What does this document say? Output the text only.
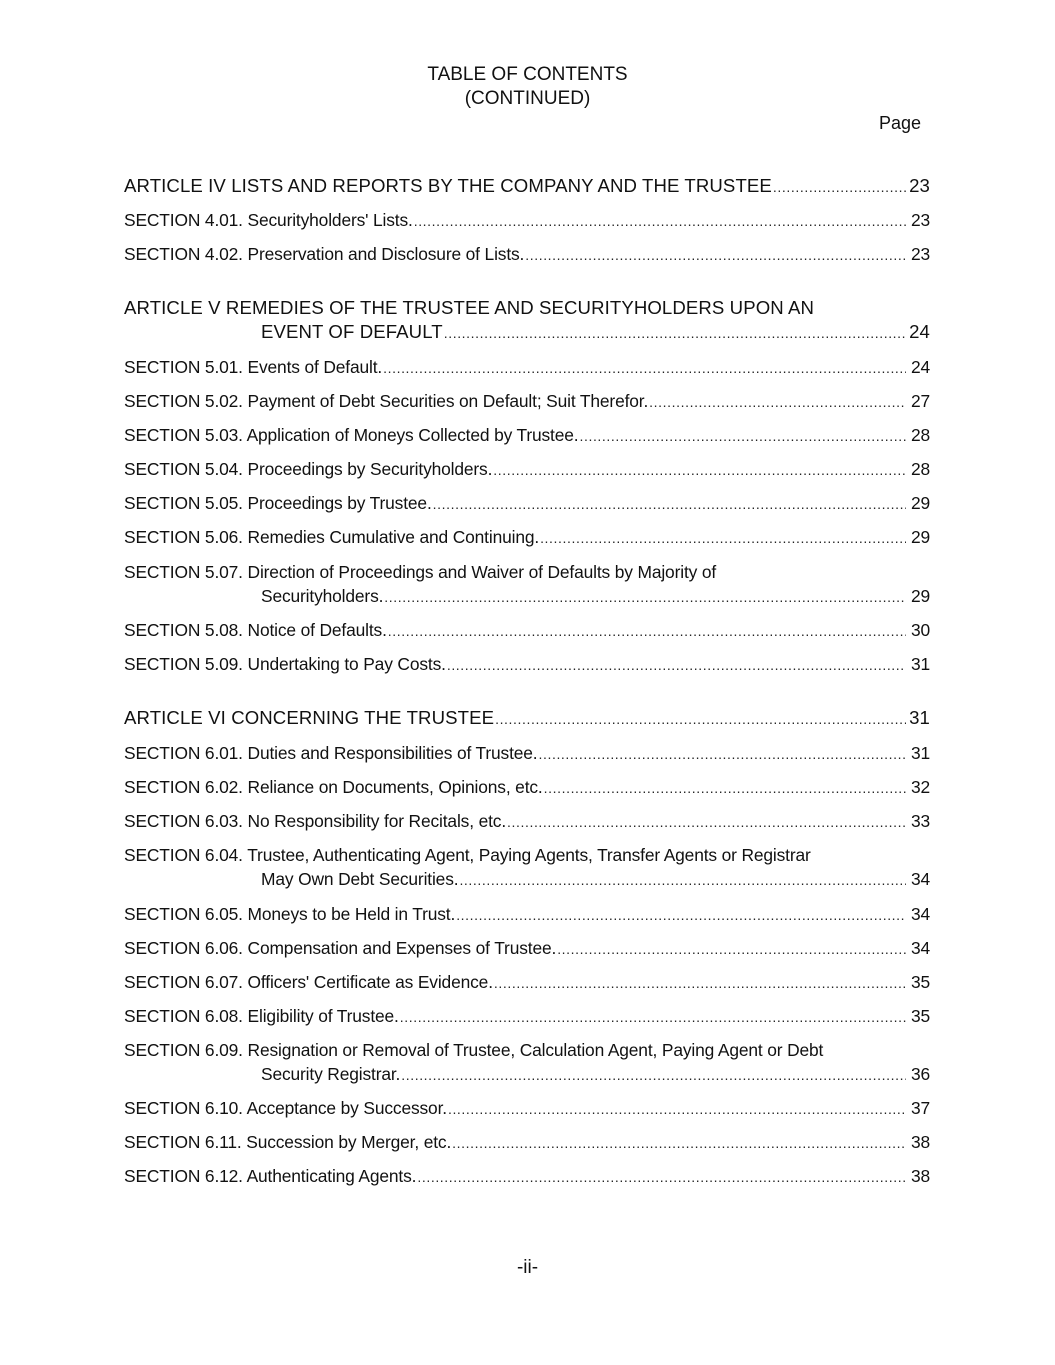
TABLE OF CONTENTS
(CONTINUED)
Page
ARTICLE IV LISTS AND REPORTS BY THE COMPANY AND THE TRUSTEE .....	23
SECTION 4.01. Securityholders' Lists. .....	23
SECTION 4.02. Preservation and Disclosure of Lists. .....	23
ARTICLE V REMEDIES OF THE TRUSTEE AND SECURITYHOLDERS UPON AN
EVENT OF DEFAULT .....	24
SECTION 5.01. Events of Default. .....	24
SECTION 5.02. Payment of Debt Securities on Default; Suit Therefor. .....	27
SECTION 5.03. Application of Moneys Collected by Trustee. .....	28
SECTION 5.04. Proceedings by Securityholders. .....	28
SECTION 5.05. Proceedings by Trustee. .....	29
SECTION 5.06. Remedies Cumulative and Continuing. .....	29
SECTION 5.07. Direction of Proceedings and Waiver of Defaults by Majority of
Securityholders. .....	29
SECTION 5.08. Notice of Defaults. .....	30
SECTION 5.09. Undertaking to Pay Costs. .....	31
ARTICLE VI CONCERNING THE TRUSTEE .....	31
SECTION 6.01. Duties and Responsibilities of Trustee. .....	31
SECTION 6.02. Reliance on Documents, Opinions, etc. .....	32
SECTION 6.03. No Responsibility for Recitals, etc. .....	33
SECTION 6.04. Trustee, Authenticating Agent, Paying Agents, Transfer Agents or Registrar
May Own Debt Securities. .....	34
SECTION 6.05. Moneys to be Held in Trust. .....	34
SECTION 6.06. Compensation and Expenses of Trustee. .....	34
SECTION 6.07. Officers' Certificate as Evidence. .....	35
SECTION 6.08. Eligibility of Trustee. .....	35
SECTION 6.09. Resignation or Removal of Trustee, Calculation Agent, Paying Agent or Debt
Security Registrar. .....	36
SECTION 6.10. Acceptance by Successor. .....	37
SECTION 6.11. Succession by Merger, etc. .....	38
SECTION 6.12. Authenticating Agents. .....	38
-ii-
